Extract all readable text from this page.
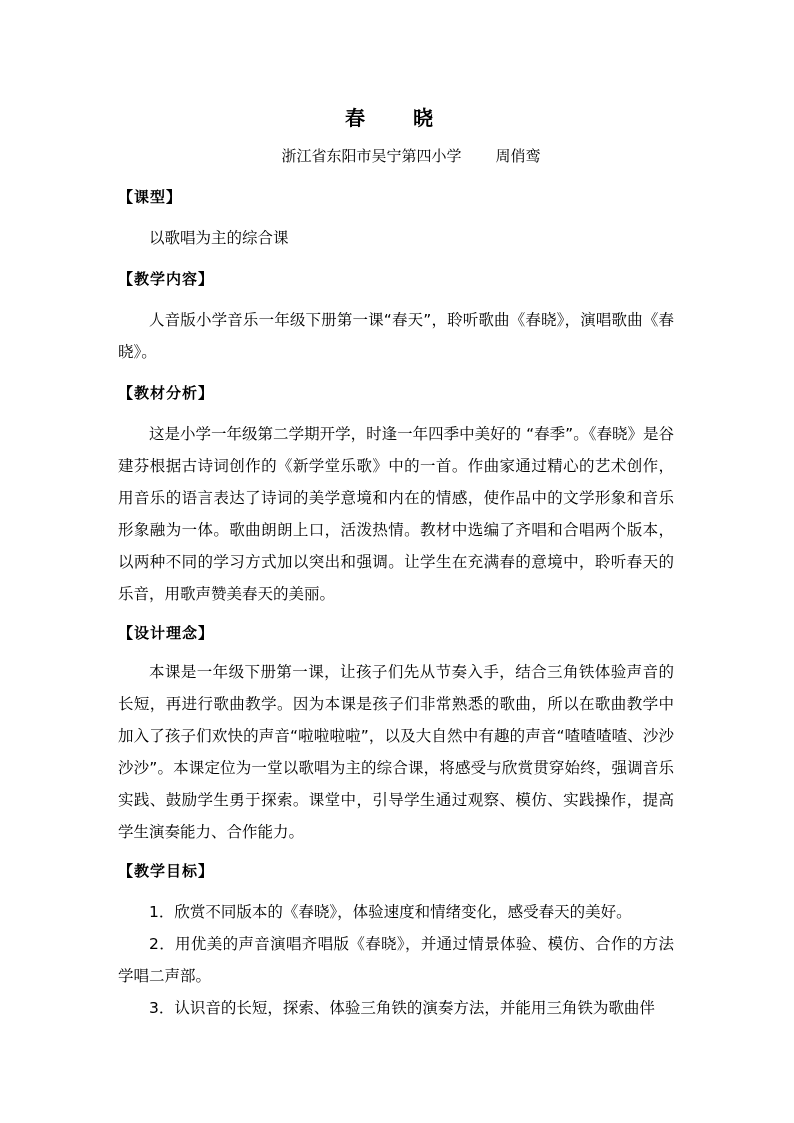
春　晓
浙江省东阳市吴宁第四小学 周俏鸾
【课型】
以歌唱为主的综合课
【教学内容】
人音版小学音乐一年级下册第一课“春天”，聆听歌曲《春晓》，演唱歌曲《春晓》。
【教材分析】
这是小学一年级第二学期开学，时逢一年四季中美好的 “春季”。《春晓》是谷建芬根据古诗词创作的《新学堂乐歌》中的一首。作曲家通过精心的艺术创作，用音乐的语言表达了诗词的美学意境和内在的情感，使作品中的文学形象和音乐形象融为一体。歌曲朗朗上口，活泼热情。教材中选编了齐唱和合唱两个版本，以两种不同的学习方式加以突出和强调。让学生在充满春的意境中，聆听春天的乐音，用歌声赞美春天的美丽。
【设计理念】
本课是一年级下册第一课，让孩子们先从节奏入手，结合三角铁体验声音的长短，再进行歌曲教学。因为本课是孩子们非常熟悉的歌曲，所以在歌曲教学中加入了孩子们欢快的声音“啦啦啦啦”，以及大自然中有趣的声音“喳喳喳喳、沙沙沙沙”。本课定位为一堂以歌唱为主的综合课，将感受与欣赏贯穿始终，强调音乐实践、鼓励学生勇于探索。课堂中，引导学生通过观察、模仿、实践操作，提高学生演奏能力、合作能力。
【教学目标】
1．欣赏不同版本的《春晓》，体验速度和情绪变化，感受春天的美好。
2．用优美的声音演唱齐唱版《春晓》，并通过情景体验、模仿、合作的方法学唱二声部。
3．认识音的长短，探索、体验三角铁的演奏方法，并能用三角铁为歌曲伴
